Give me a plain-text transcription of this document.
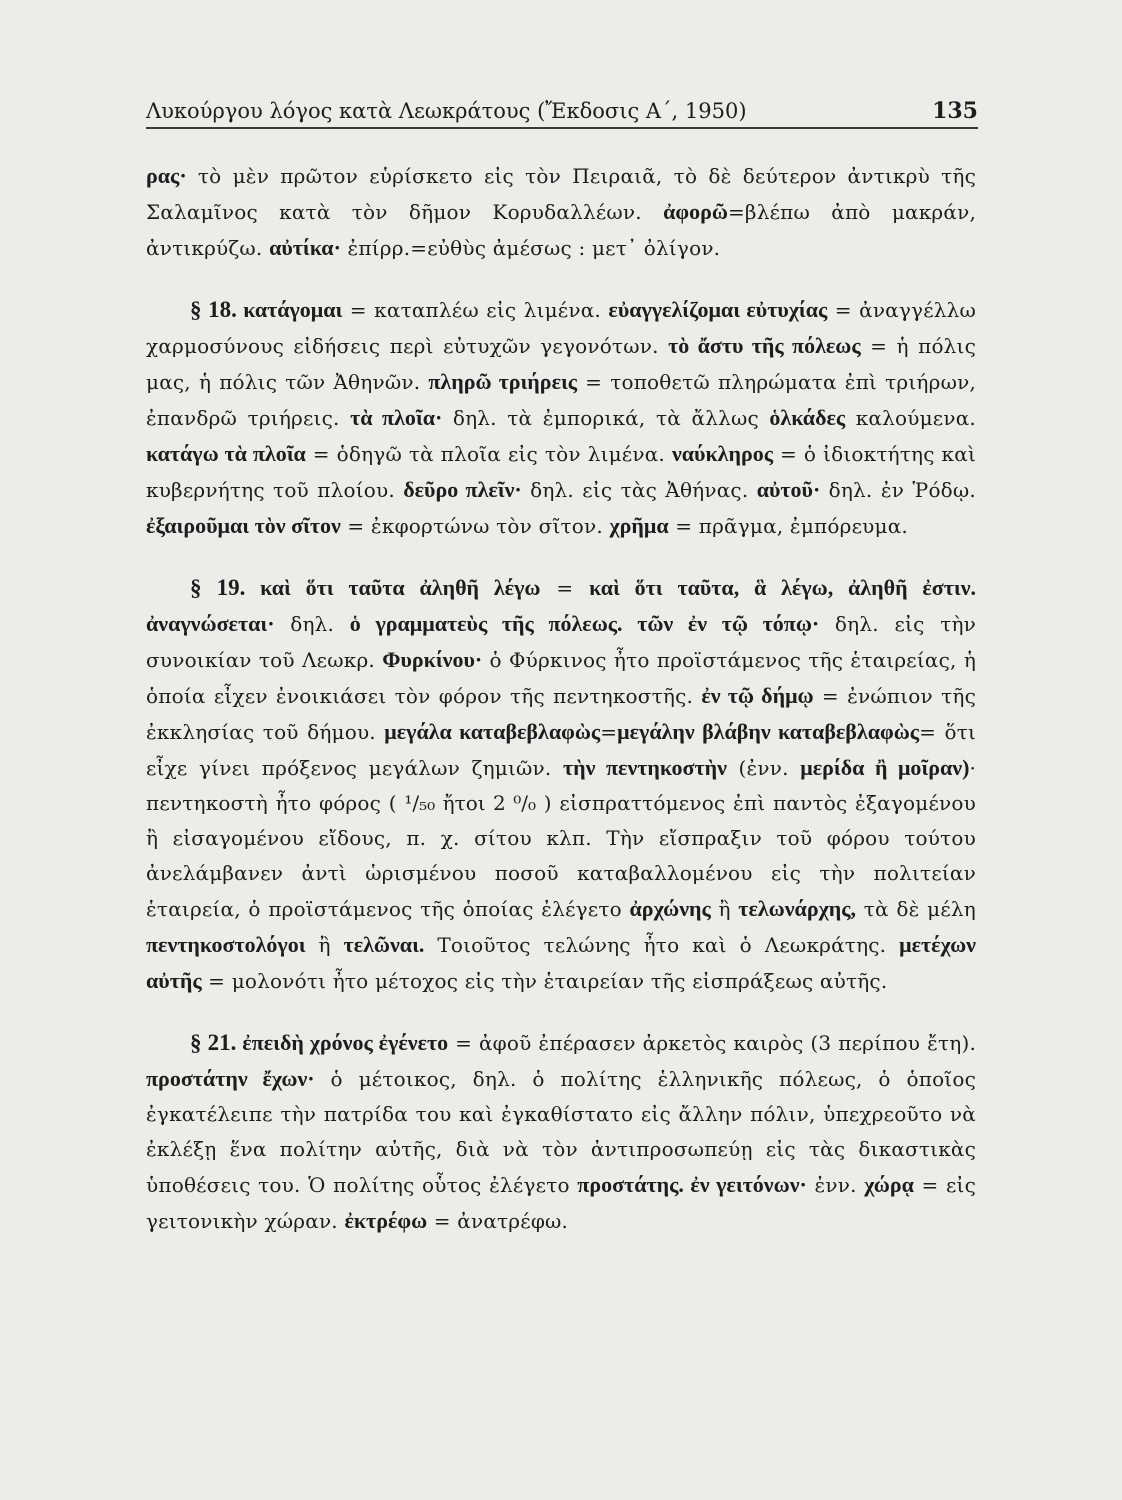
Λυκούργου λόγος κατὰ Λεωκράτους (Ἔκδοσις Α΄, 1950)	135

ρας· τὸ μὲν πρῶτον εὑρίσκετο εἰς τὸν Πειραιᾶ, τὸ δὲ δεύτερον ἀντικρὺ τῆς Σαλαμῖνος κατὰ τὸν δῆμον Κορυδαλλέων. ἀφορῶ=βλέπω ἀπὸ μακράν, ἀντικρύζω. αὐτίκα· ἐπίρρ.=εὐθὺς ἀμέσως : μετ᾽ ὀλίγον.

§ 18. κατάγομαι = καταπλέω εἰς λιμένα. εὐαγγελίζομαι εὐτυχίας = ἀναγγέλλω χαρμοσύνους εἰδήσεις περὶ εὐτυχῶν γεγονότων. τὸ ἄστυ τῆς πόλεως = ἡ πόλις μας, ἡ πόλις τῶν Ἀθηνῶν. πληρῶ τριήρεις = τοποθετῶ πληρώματα ἐπὶ τριήρων, ἐπανδρῶ τριήρεις. τὰ πλοῖα· δηλ. τὰ ἐμπορικά, τὰ ἄλλως ὁλκάδες καλούμενα. κατάγω τὰ πλοῖα = ὁδηγῶ τὰ πλοῖα εἰς τὸν λιμένα. ναύκληρος = ὁ ἰδιοκτήτης καὶ κυβερνήτης τοῦ πλοίου. δεῦρο πλεῖν· δηλ. εἰς τὰς Ἀθήνας. αὐτοῦ· δηλ. ἐν Ῥόδῳ. ἐξαιροῦμαι τὸν σῖτον = ἐκφορτώνω τὸν σῖτον. χρῆμα = πρᾶγμα, ἐμπόρευμα.

§ 19. καὶ ὅτι ταῦτα ἀληθῆ λέγω = καὶ ὅτι ταῦτα, ἃ λέγω, ἀληθῆ ἐστιν. ἀναγνώσεται· δηλ. ὁ γραμματεὺς τῆς πόλεως. τῶν ἐν τῷ τόπῳ· δηλ. εἰς τὴν συνοικίαν τοῦ Λεωκρ. Φυρκίνου· ὁ Φύρκινος ἦτο προϊστάμενος τῆς ἑταιρείας, ἡ ὁποία εἶχεν ἐνοικιάσει τὸν φόρον τῆς πεντηκοστῆς. ἐν τῷ δήμῳ = ἐνώπιον τῆς ἐκκλησίας τοῦ δήμου. μεγάλα καταβεβλαφὼς=μεγάλην βλάβην καταβεβλαφὼς= ὅτι εἶχε γίνει πρόξενος μεγάλων ζημιῶν. τὴν πεντηκοστὴν (ἐνν. μερίδα ἢ μοῖραν)· πεντηκοστὴ ἦτο φόρος ( ¹/₅₀ ἤτοι 2 ⁰/₀ ) εἰσπραττόμενος ἐπὶ παντὸς ἐξαγομένου ἢ εἰσαγομένου εἴδους, π. χ. σίτου κλπ. Τὴν εἴσπραξιν τοῦ φόρου τούτου ἀνελάμβανεν ἀντὶ ὡρισμένου ποσοῦ καταβαλλομένου εἰς τὴν πολιτείαν ἑταιρεία, ὁ προϊστάμενος τῆς ὁποίας ἐλέγετο ἀρχώνης ἢ τελωνάρχης, τὰ δὲ μέλη πεντηκοστολόγοι ἢ τελῶναι. Τοιοῦτος τελώνης ἦτο καὶ ὁ Λεωκράτης. μετέχων αὐτῆς = μολονότι ἦτο μέτοχος εἰς τὴν ἑταιρείαν τῆς εἰσπράξεως αὐτῆς.

§ 21. ἐπειδὴ χρόνος ἐγένετο = ἀφοῦ ἐπέρασεν ἀρκετὸς καιρὸς (3 περίπου ἔτη). προστάτην ἔχων· ὁ μέτοικος, δηλ. ὁ πολίτης ἑλληνικῆς πόλεως, ὁ ὁποῖος ἐγκατέλειπε τὴν πατρίδα του καὶ ἐγκαθίστατο εἰς ἄλλην πόλιν, ὑπεχρεοῦτο νὰ ἐκλέξῃ ἕνα πολίτην αὐτῆς, διὰ νὰ τὸν ἀντιπροσωπεύῃ εἰς τὰς δικαστικὰς ὑποθέσεις του. Ὁ πολίτης οὗτος ἐλέγετο προστάτης. ἐν γειτόνων· ἐνν. χώρᾳ = εἰς γειτονικὴν χώραν. ἐκτρέφω = ἀνατρέφω.
